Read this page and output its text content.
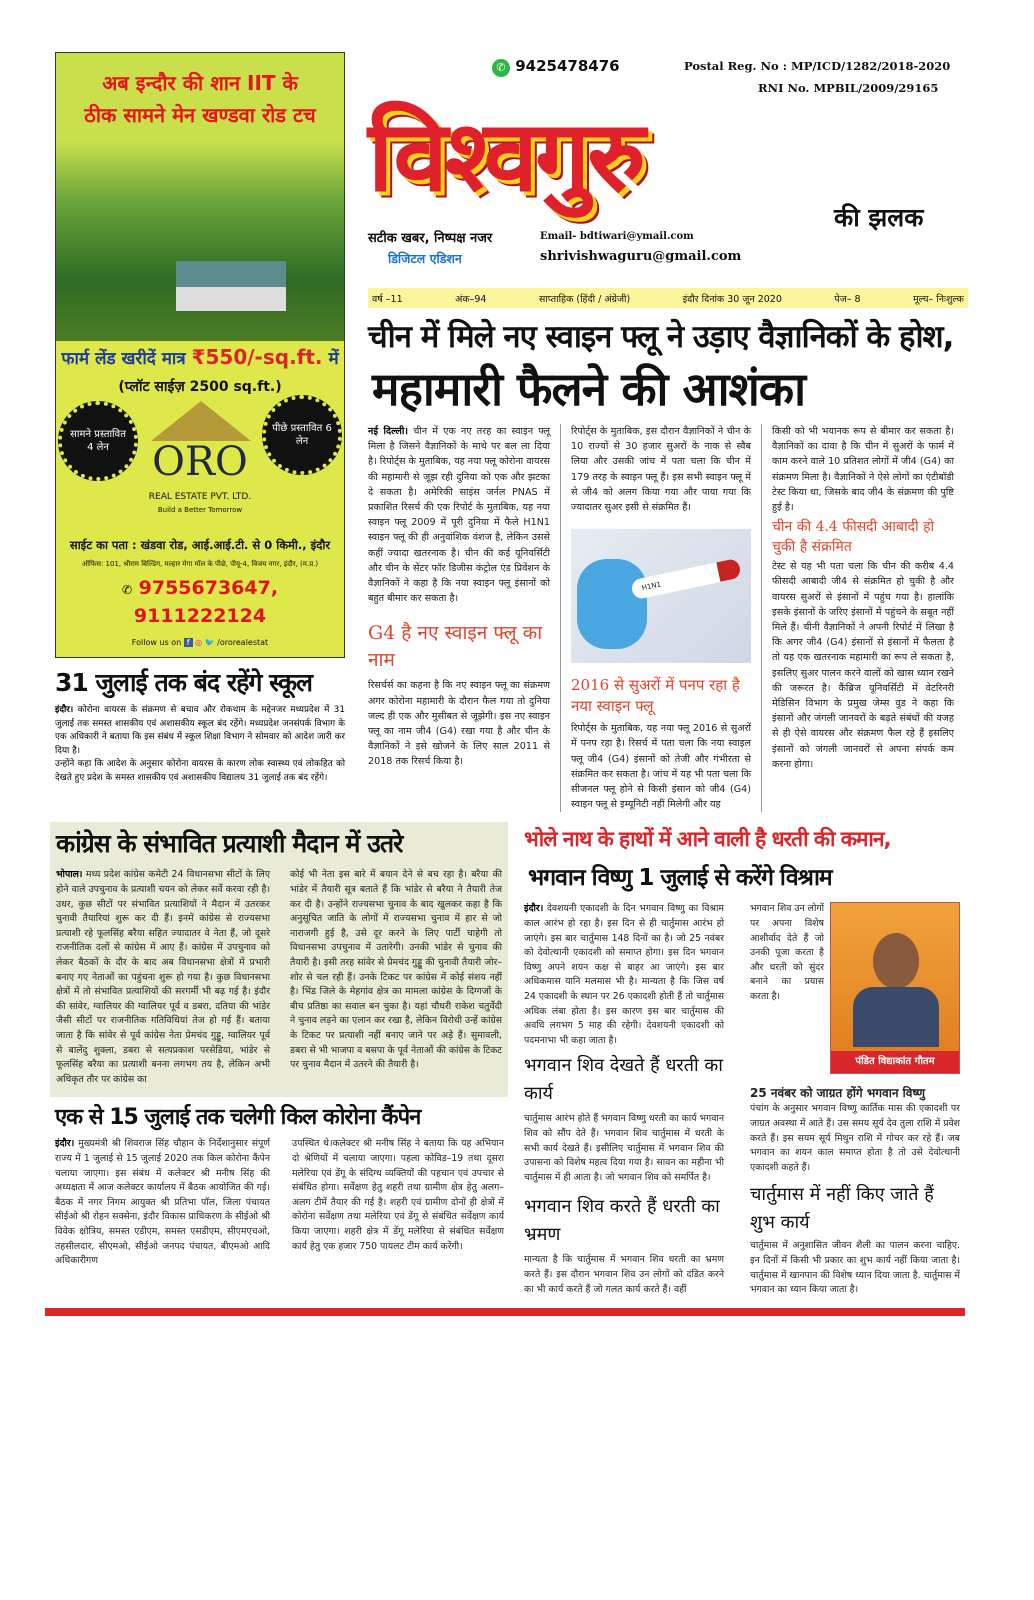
अब इन्दौर की शान IIT के
ठीक सामने मेन खण्डवा रोड टच
फार्म लेंड खरीदें मात्र ₹550/-sq.ft. में
(प्लॉट साईज़ 2500 sq.ft.)
सामने प्रस्तावित 4 लेन
पीछे प्रस्तावित 6 लेन
ORO
REAL ESTATE PVT. LTD.
Build a Better Tomorrow
साईट का पता : खंडवा रोड, आई.आई.टी. से 0 किमी., इंदौर
ऑफिस: 101, श्रीराम बिल्डिंग, मल्हार मेगा मॉल के पीछे, पीयू-4, विजय नगर, इंदौर, (म.प्र.)
✆ 9755673647, 9111222124
Follow us on f ◎ 🐦 /ororealestat
31 जुलाई तक बंद रहेंगे स्कूल
इंदौर। कोरोना वायरस के संक्रमण से बचाव और रोकथाम के मद्देनजर मध्यप्रदेश में 31 जुलाई तक समस्त शासकीय एवं अशासकीय स्कूल बंद रहेंगे। मध्यप्रदेश जनसंपर्क विभाग के एक अधिकारी ने बताया कि इस संबंध में स्कूल शिक्षा विभाग ने सोमवार को आदेश जारी कर दिया है।
उन्होंने कहा कि आदेश के अनुसार कोरोना वायरस के कारण लोक स्वास्थ्य एवं लोकहित को देखते हुए प्रदेश के समस्त शासकीय एवं अशासकीय विद्यालय 31 जुलाई तक बंद रहेंगे।
✆ 9425478476	Postal Reg. No : MP/ICD/1282/2018-2020
RNI No. MPBIL/2009/29165
विश्वगुरु
की झलक
सटीक खबर, निष्पक्ष नजर
डिजिटल एडिशन
Email- bdtiwari@ymail.com
shrivishwaguru@gmail.com
वर्ष –11	अंक–94	साप्ताहिक (हिंदी / अंग्रेजी)	इंदौर दिनांक 30 जून 2020	पेज– 8	मूल्य– निःशुल्क
चीन में मिले नए स्वाइन फ्लू ने उड़ाए वैज्ञानिकों के होश,
महामारी फैलने की आशंका
नई दिल्ली। चीन में एक नए तरह का स्वाइन फ्लू मिला है जिसने वैज्ञानिकों के माथे पर बल ला दिया है। रिपोर्ट्स के मुताबिक, यह नया फ्लू कोरोना वायरस की महामारी से जूझ रही दुनिया को एक और झटका दे सकता है। अमेरिकी साइंस जर्नल PNAS में प्रकाशित रिसर्च की एक रिपोर्ट के मुताबिक, यह नया स्वाइन फ्लू 2009 में पूरी दुनिया में फैले H1N1 स्वाइन फ्लू की ही अनुवांशिक वंशज है, लेकिन उससे कहीं ज्यादा खतरनाक है। चीन की कई यूनिवर्सिटी और चीन के सेंटर फॉर डिजीस कंट्रोल एंड प्रिवेंशन के वैज्ञानिकों ने कहा है कि नया स्वाइन फ्लू इंसानों को बहुत बीमार कर सकता है।
G4 है नए स्वाइन फ्लू का नाम
रिसर्चर्स का कहना है कि नए स्वाइन फ्लू का संक्रमण अगर कोरोना महामारी के दौरान फैल गया तो दुनिया जल्द ही एक और मुसीबत से जूझेगी। इस नए स्वाइन फ्लू का नाम जी4 (G4) रखा गया है और चीन के वैज्ञानिकों ने इसे खोजने के लिए साल 2011 से 2018 तक रिसर्च किया है।
रिपोर्ट्स के मुताबिक, इस दौरान वैज्ञानिकों ने चीन के 10 राज्यों से 30 हजार सुअरों के नाक से स्वैब लिया और उसकी जांच में पता चला कि चीन में 179 तरह के स्वाइन फ्लू हैं। इस सभी स्वाइन फ्लू में से जी4 को अलग किया गया और पाया गया कि ज्यादातर सुअर इसी से संक्रमित हैं।
H1N1
2016 से सुअरों में पनप रहा है नया स्वाइन फ्लू
रिपोर्ट्स के मुताबिक, यह नया फ्लू 2016 से सुअरों में पनप रहा है। रिसर्च में पता चला कि नया स्वाइल फ्लू जी4 (G4) इंसानों को तेजी और गंभीरता से संक्रमित कर सकता है। जांच में यह भी पता चला कि सीजनल फ्लू होने से किसी इंसान को जी4 (G4) स्वाइन फ्लू से इम्यूनिटी नहीं मिलेगी और यह
किसी को भी भयानक रूप से बीमार कर सकता है। वैज्ञानिकों का दावा है कि चीन में सुअरों के फार्म में काम करने वाले 10 प्रतिशत लोगों में जी4 (G4) का संक्रमण मिला है। वैज्ञानिकों ने ऐसे लोगों का एंटीबॉडी टेस्ट किया था, जिसके बाद जी4 के संक्रमण की पुष्टि हुई है।
चीन की 4.4 फीसदी आबादी हो चुकी है संक्रमित
टेस्ट से यह भी पता चला कि चीन की करीब 4.4 फीसदी आबादी जी4 से संक्रमित हो चुकी है और वायरस सुअरों से इंसानों में पहुंच गया है। हालांकि इसके इंसानों के जरिए इंसानों में पहुंचने के सबूत नहीं मिले हैं। चीनी वैज्ञानिकों ने अपनी रिपोर्ट में लिखा है कि अगर जी4 (G4) इंसानों से इंसानों में फैलता है तो यह एक खतरनाक महामारी का रूप ले सकता है, इसलिए सुअर पालन करने वालों को खास ध्यान रखने की जरूरत है। कैंब्रिज यूनिवर्सिटी में वेटरिनरी मेडिसिन विभाग के प्रमुख जेम्स वुड ने कहा कि इंसानों और जंगली जानवरों के बढ़ते संबंधों की वजह से ही ऐसे वायरस और संक्रमण फैल रहे हैं इसलिए इंसानों को जंगली जानवरों से अपना संपर्क कम करना होगा।
कांग्रेस के संभावित प्रत्याशी मैदान में उतरे
भोपाल। मध्य प्रदेश कांग्रेस कमेटी 24 विधानसभा सीटों के लिए होने वाले उपचुनाव के प्रत्याशी चयन को लेकर सर्वे करवा रही है। उधर, कुछ सीटों पर संभावित प्रत्याशियों ने मैदान में उतरकर चुनावी तैयारियां शुरू कर दी हैं। इनमें कांग्रेस से राज्यसभा प्रत्याशी रहे फूलसिंह बरैया सहित ज्यादातर वे नेता हैं, जो दूसरे राजनीतिक दलों से कांग्रेस में आए हैं। कांग्रेस में उपचुनाव को लेकर बैठकों के दौर के बाद अब विधानसभा क्षेत्रों में प्रभारी बनाए गए नेताओं का पहुंचना शुरू हो गया है। कुछ विधानसभा क्षेत्रों में तो संभावित प्रत्याशियों की सरगर्मी भी बढ़ गई है। इंदौर की सांवेर, ग्वालियर की ग्वालियर पूर्व व डबरा, दतिया की भांडेर जैसी सीटों पर राजनीतिक गतिविधियां तेज हो गई हैं। बताया जाता है कि सांवेर से पूर्व कांग्रेस नेता प्रेमचंद गुड्डू, ग्वालियर पूर्व से बालेंदु शुक्ला, डबरा से सत्यप्रकाश परसेडिया, भांडेर से फूलसिंह बरैया का प्रत्याशी बनना लगभग तय है, लेकिन अभी अधिकृत तौर पर कांग्रेस का
कोई भी नेता इस बारे में बयान देने से बच रहा है। बरैया की भांडेर में तैयारी सूत्र बताते हैं कि भांडेर से बरैया ने तैयारी तेज कर दी है। उन्होंने राज्यसभा चुनाव के बाद खुलकर कहा है कि अनुसूचित जाति के लोगों में राज्यसभा चुनाव में हार से जो नाराजगी हुई है, उसे दूर करने के लिए पार्टी चाहेगी तो विधानसभा उपचुनाव में उतारेगी। उनकी भांडेर से चुनाव की तैयारी है। इसी तरह सांवेर से प्रेमचंद गुड्डू की चुनावी तैयारी जोर–शोर से चल रही हैं। उनके टिकट पर कांग्रेस में कोई संशय नहीं है। भिंड जिले के मेहगांव क्षेत्र का मामला कांग्रेस के दिग्गजों के बीच प्रतिष्ठा का सवाल बन चुका है। यहां चौधरी राकेश चतुर्वेदी ने चुनाव लड़ने का एलान कर रखा है, लेकिन विरोधी उन्हें कांग्रेस के टिकट पर प्रत्याशी नहीं बनाए जाने पर अड़े हैं। सुमावली, डबरा से भी भाजपा व बसपा के पूर्व नेताओं की कांग्रेस के टिकट पर चुनाव मैदान में उतरने की तैयारी है।
एक से 15 जुलाई तक चलेगी किल कोरोना कैंपेन
इंदौर। मुख्यमंत्री श्री शिवराज सिंह चौहान के निर्देशानुसार संपूर्ण राज्य में 1 जुलाई से 15 जुलाई 2020 तक किल कोरोना कैंपेन चलाया जाएगा। इस संबंध में कलेक्टर श्री मनीष सिंह की अध्यक्षता में आज कलेक्टर कार्यालय में बैठक आयोजित की गई। बैठक में नगर निगम आयुक्त श्री प्रतिभा पॉल, जिला पंचायत सीईओ श्री रोहन सक्सेना, इंदौर विकास प्राधिकरण के सीईओ श्री विवेक क्षोत्रिय, समस्त एडीएम, समस्त एसडीएम, सीएमएचओ, तहसीलदार, सीएमओ, सीईओ जनपद पंचायत, बीएमओ आदि अधिकारीगण
उपस्थित थे।कलेक्टर श्री मनीष सिंह ने बताया कि यह अभियान दो श्रेणियों में चलाया जाएगा। पहला कोविड–19 तथा दूसरा मलेरिया एवं डेंगू के संदिग्ध व्यक्तियों की पहचान एवं उपचार से संबंधित होगा। सर्वेक्षण हेतु शहरी तथा ग्रामीण क्षेत्र हेतु अलग–अलग टीमें तैयार की गई है। शहरी एवं ग्रामीण दोनों ही क्षेत्रों में कोरोना सर्वेक्षण तथा मलेरिया एवं डेंगू से संबंधित सर्वेक्षण कार्य किया जाएगा। शहरी क्षेत्र में डेंगू मलेरिया से संबंधित सर्वेक्षण कार्य हेतु एक हजार 750 पायलट टीम कार्य करेंगी।
भोले नाथ के हाथों में आने वाली है धरती की कमान,
भगवान विष्णु 1 जुलाई से करेंगे विश्राम
इंदौर। देवशयनी एकादशी के दिन भगवान विष्णु का विश्राम काल आरंभ हो रहा है। इस दिन से ही चार्तुमास आरंभ हो जाएंगे। इस बार चार्तुमास 148 दिनों का है। जो 25 नवंबर को देवोत्थानी एकादशी को समाप्त होगा। इस दिन भगवान विष्णु अपने शयन कक्ष से बाहर आ जाएंगे। इस बार अधिकमास यानि मलमास भी है। मान्यता है कि जिस वर्ष 24 एकादशी के स्थान पर 26 एकादशी होती हैं तो चार्तुमास अधिक लंबा होता है। इस कारण इस बार चार्तुमास की अवधि लगभग 5 माह की रहेगी। देवशयनी एकादशी को पदमनाभा भी कहा जाता है।
भगवान शिव देखते हैं धरती का कार्य
चार्तुमास आरंभ होते हैं भगवान विष्णु धरती का कार्य भगवान शिव को सौंप देते हैं। भगवान शिव चार्तुमास में धरती के सभी कार्य देखते हैं। इसीलिए चार्तुमास में भगवान शिव की उपासना को विशेष महत्व दिया गया है। सावन का महीना भी चार्तुमास में ही आता है। जो भगवान शिव को समर्पित है।
भगवान शिव करते हैं धरती का भ्रमण
मान्यता है कि चार्तुमास में भगवान शिव धरती का भ्रमण करते हैं। इस दौरान भगवान शिव उन लोगों को दंडित करने का भी कार्य करते हैं जो गलत कार्य करते हैं। वहीं
पंडित विद्याकांत गौतम
भगवान शिव उन लोगों पर अपना विशेष आशीर्वाद देते हैं जो उनकी पूजा करता है और धरती को सुंदर बनाने का प्रयास करता है।
25 नवंबर को जाग्रत होंगे भगवान विष्णु
पंचांग के अनुसार भगवान विष्णु कार्तिक मास की एकादशी पर जाग्रत अवस्था में आते हैं। उस समय सूर्य देव तुला राशि में प्रवेश करते हैं। इस सयम सूर्य मिथुन राशि में गोचर कर रहे हैं। जब भगवान का शयन काल समाप्त होता है तो उसे देवोत्थानी एकादशी कहते हैं।
चार्तुमास में नहीं किए जाते हैं शुभ कार्य
चार्तुमास में अनुशासित जीवन शैली का पालन करना चाहिए. इन दिनों में किसी भी प्रकार का शुभ कार्य नहीं किया जाता है। चार्तुमास में खानपान की विशेष ध्यान दिया जाता है. चार्तुमास में भगवान का ध्यान किया जाता है।
